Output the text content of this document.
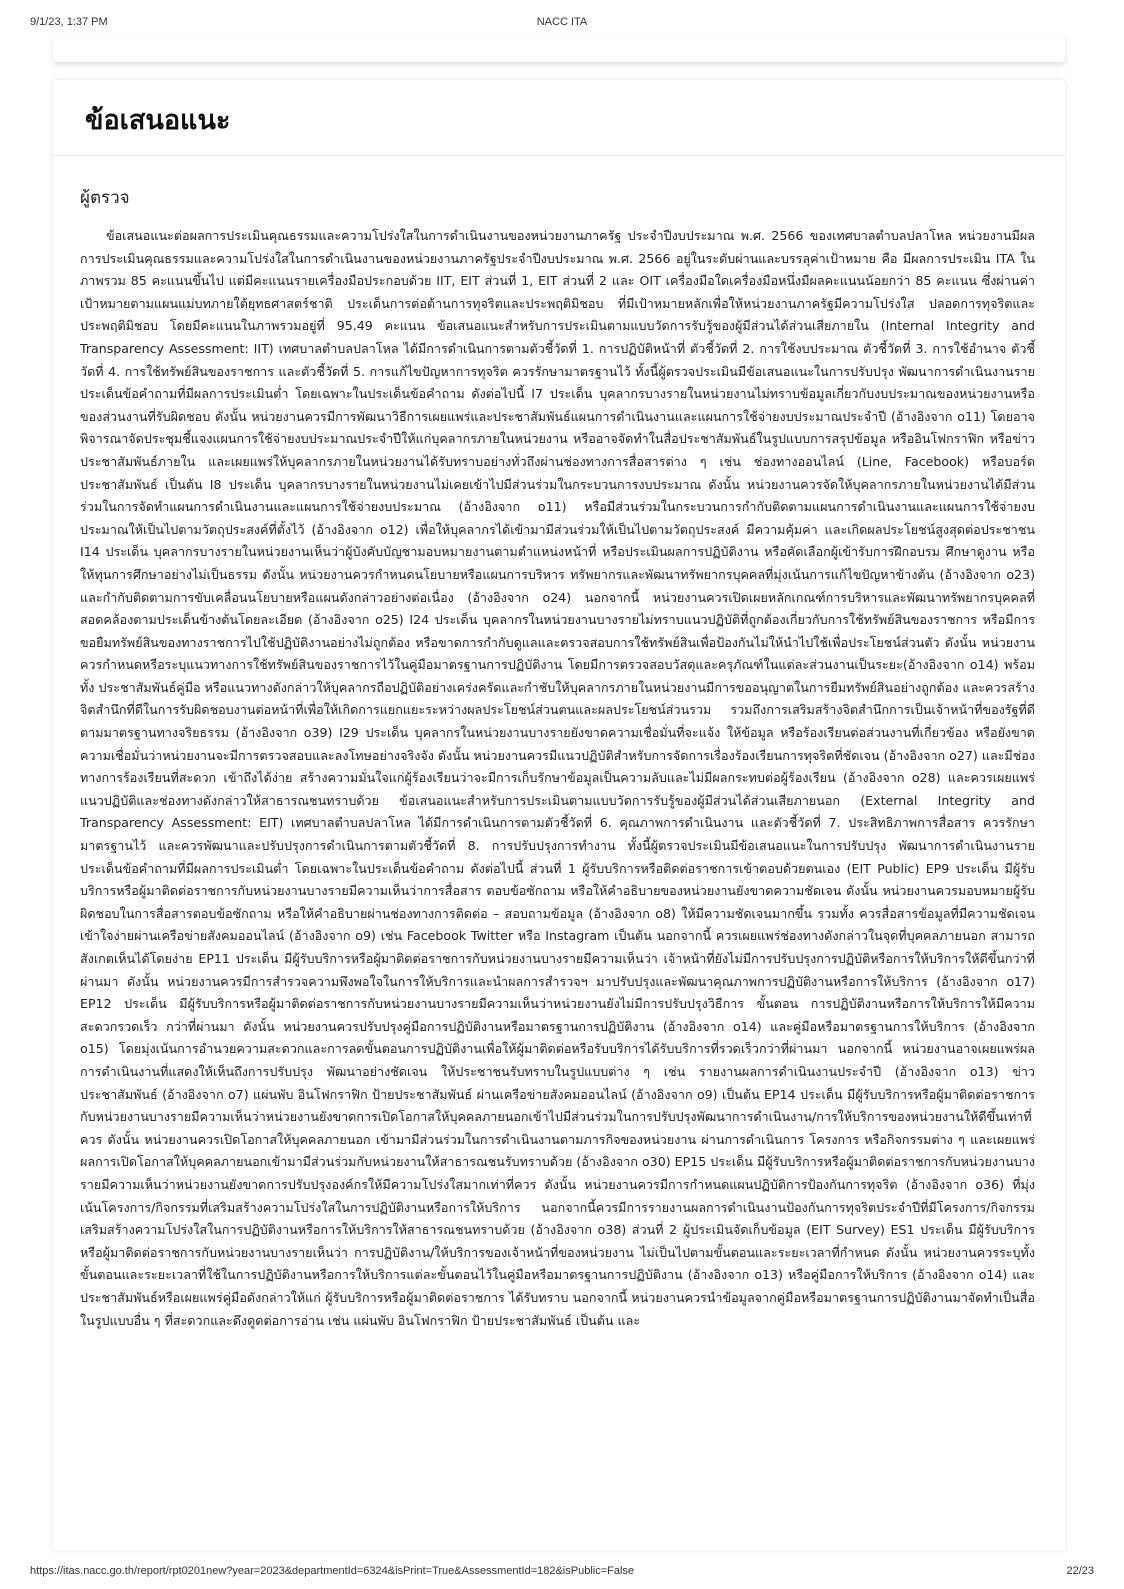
9/1/23, 1:37 PM	NACC ITA
ข้อเสนอแนะ
ผู้ตรวจ

ข้อเสนอแนะต่อผลการประเมินคุณธรรมและความโปร่งใสในการดำเนินงานของหน่วยงานภาครัฐ ประจำปีงบประมาณ พ.ศ. 2566 ของเทศบาลตำบลปลาโหล หน่วยงานมีผลการประเมินคุณธรรมและความโปร่งใสในการดำเนินงานของหน่วยงานภาครัฐประจำปีงบประมาณ พ.ศ. 2566 อยู่ในระดับผ่านและบรรลุค่าเป้าหมาย คือ มีผลการประเมิน ITA ในภาพรวม 85 คะแนนขึ้นไป แต่มีคะแนนรายเครื่องมือประกอบด้วย IIT, EIT ส่วนที่ 1, EIT ส่วนที่ 2 และ OIT เครื่องมือใดเครื่องมือหนึ่งมีผลคะแนนน้อยกว่า 85 คะแนน ซึ่งผ่านค่าเป้าหมายตามแผนแม่บทภายใต้ยุทธศาสตร์ชาติ ประเด็นการต่อต้านการทุจริตและประพฤติมิชอบ ที่มีเป้าหมายหลักเพื่อให้หน่วยงานภาครัฐมีความโปร่งใส ปลอดการทุจริตและประพฤติมิชอบ โดยมีคะแนนในภาพรวมอยู่ที่ 95.49 คะแนน ข้อเสนอแนะสำหรับการประเมินตามแบบวัดการรับรู้ของผู้มีส่วนได้ส่วนเสียภายใน (Internal Integrity and Transparency Assessment: IIT) เทศบาลตำบลปลาโหล ได้มีการดำเนินการตามตัวชี้วัดที่ 1. การปฏิบัติหน้าที่ ตัวชี้วัดที่ 2. การใช้งบประมาณ ตัวชี้วัดที่ 3. การใช้อำนาจ ตัวชี้วัดที่ 4. การใช้ทรัพย์สินของราชการ และตัวชี้วัดที่ 5. การแก้ไขปัญหาการทุจริต ควรรักษามาตรฐานไว้ ทั้งนี้ผู้ตรวจประเมินมีข้อเสนอแนะในการปรับปรุง พัฒนาการดำเนินงานรายประเด็นข้อคำถามที่มีผลการประเมินต่ำ โดยเฉพาะในประเด็นข้อคำถาม ดังต่อไปนี้ I7 ประเด็น บุคลากรบางรายในหน่วยงานไม่ทราบข้อมูลเกี่ยวกับงบประมาณของหน่วยงานหรือของส่วนงานที่รับผิดชอบ ดังนั้น หน่วยงานควรมีการพัฒนาวิธีการเผยแพร่และประชาสัมพันธ์แผนการดำเนินงานและแผนการใช้จ่ายงบประมาณประจำปี (อ้างอิงจาก o11) โดยอาจพิจารณาจัดประชุมชี้แจงแผนการใช้จ่ายงบประมาณประจำปีให้แก่บุคลากรภายในหน่วยงาน หรืออาจจัดทำในสื่อประชาสัมพันธ์ในรูปแบบการสรุปข้อมูล หรืออินโฟกราฟิก หรือข่าวประชาสัมพันธ์ภายใน และเผยแพร่ให้บุคลากรภายในหน่วยงานได้รับทราบอย่างทั่วถึงผ่านช่องทางการสื่อสารต่าง ๆ เช่น ช่องทางออนไลน์ (Line, Facebook) หรือบอร์ดประชาสัมพันธ์ เป็นต้น I8 ประเด็น บุคลากรบางรายในหน่วยงานไม่เคยเข้าไปมีส่วนร่วมในกระบวนการงบประมาณ ดังนั้น หน่วยงานควรจัดให้บุคลากรภายในหน่วยงานได้มีส่วนร่วมในการจัดทำแผนการดำเนินงานและแผนการใช้จ่ายงบประมาณ (อ้างอิงจาก o11) หรือมีส่วนร่วมในกระบวนการกำกับติดตามแผนการดำเนินงานและแผนการใช้จ่ายงบประมาณให้เป็นไปตามวัตถุประสงค์ที่ตั้งไว้ (อ้างอิงจาก o12) เพื่อให้บุคลากรได้เข้ามามีส่วนร่วมให้เป็นไปตามวัตถุประสงค์ มีความคุ้มค่า และเกิดผลประโยชน์สูงสุดต่อประชาชน I14 ประเด็น บุคลากรบางรายในหน่วยงานเห็นว่าผู้บังคับบัญชามอบหมายงานตามตำแหน่งหน้าที่ หรือประเมินผลการปฏิบัติงาน หรือคัดเลือกผู้เข้ารับการฝึกอบรม ศึกษาดูงาน หรือให้ทุนการศึกษาอย่างไม่เป็นธรรม ดังนั้น หน่วยงานควรกำหนดนโยบายหรือแผนการบริหาร ทรัพยากรและพัฒนาทรัพยากรบุคคลที่มุ่งเน้นการแก้ไขปัญหาข้างต้น (อ้างอิงจาก o23) และกำกับติดตามการขับเคลื่อนนโยบายหรือแผนดังกล่าวอย่างต่อเนื่อง (อ้างอิงจาก o24) นอกจากนี้ หน่วยงานควรเปิดเผยหลักเกณฑ์การบริหารและพัฒนาทรัพยากรบุคคลที่สอดคล้องตามประเด็นข้างต้นโดยละเอียด (อ้างอิงจาก o25) I24 ประเด็น บุคลากรในหน่วยงานบางรายไม่ทราบแนวปฏิบัติที่ถูกต้องเกี่ยวกับการใช้ทรัพย์สินของราชการ หรือมีการขอยืมทรัพย์สินของทางราชการไปใช้ปฏิบัติงานอย่างไม่ถูกต้อง หรือขาดการกำกับดูแลและตรวจสอบการใช้ทรัพย์สินเพื่อป้องกันไม่ให้นำไปใช้เพื่อประโยชน์ส่วนตัว ดังนั้น หน่วยงานควรกำหนดหรือระบุแนวทางการใช้ทรัพย์สินของราชการไว้ในคู่มือมาตรฐานการปฏิบัติงาน โดยมีการตรวจสอบวัสดุและครุภัณฑ์ในแต่ละส่วนงานเป็นระยะ(อ้างอิงจาก o14) พร้อมทั้ง ประชาสัมพันธ์คู่มือ หรือแนวทางดังกล่าวให้บุคลากรถือปฏิบัติอย่างเคร่งครัดและกำชับให้บุคลากรภายในหน่วยงานมีการขออนุญาตในการยืมทรัพย์สินอย่างถูกต้อง และควรสร้างจิตสำนึกที่ดีในการรับผิดชอบงานต่อหน้าที่เพื่อให้เกิดการแยกแยะระหว่างผลประโยชน์ส่วนตนและผลประโยชน์ส่วนรวม รวมถึงการเสริมสร้างจิตสำนึกการเป็นเจ้าหน้าที่ของรัฐที่ดีตามมาตรฐานทางจริยธรรม (อ้างอิงจาก o39) I29 ประเด็น บุคลากรในหน่วยงานบางรายยังขาดความเชื่อมั่นที่จะแจ้ง ให้ข้อมูล หรือร้องเรียนต่อส่วนงานที่เกี่ยวข้อง หรือยังขาดความเชื่อมั่นว่าหน่วยงานจะมีการตรวจสอบและลงโทษอย่างจริงจัง ดังนั้น หน่วยงานควรมีแนวปฏิบัติสำหรับการจัดการเรื่องร้องเรียนการทุจริตที่ชัดเจน (อ้างอิงจาก o27) และมีช่องทางการร้องเรียนที่สะดวก เข้าถึงได้ง่าย สร้างความมั่นใจแก่ผู้ร้องเรียนว่าจะมีการเก็บรักษาข้อมูลเป็นความลับและไม่มีผลกระทบต่อผู้ร้องเรียน (อ้างอิงจาก o28) และควรเผยแพร่แนวปฏิบัติและช่องทางดังกล่าวให้สาธารณชนทราบด้วย ข้อเสนอแนะสำหรับการประเมินตามแบบวัดการรับรู้ของผู้มีส่วนได้ส่วนเสียภายนอก (External Integrity and Transparency Assessment: EIT) เทศบาลตำบลปลาโหล ได้มีการดำเนินการตามตัวชี้วัดที่ 6. คุณภาพการดำเนินงาน และตัวชี้วัดที่ 7. ประสิทธิภาพการสื่อสาร ควรรักษามาตรฐานไว้ และควรพัฒนาและปรับปรุงการดำเนินการตามตัวชี้วัดที่ 8. การปรับปรุงการทำงาน ทั้งนี้ผู้ตรวจประเมินมีข้อเสนอแนะในการปรับปรุง พัฒนาการดำเนินงานรายประเด็นข้อคำถามที่มีผลการประเมินต่ำ โดยเฉพาะในประเด็นข้อคำถาม ดังต่อไปนี้ ส่วนที่ 1 ผู้รับบริการหรือติดต่อราชการเข้าตอบด้วยตนเอง (EIT Public) EP9 ประเด็น มีผู้รับบริการหรือผู้มาติดต่อราชการกับหน่วยงานบางรายมีความเห็นว่าการสื่อสาร ตอบข้อซักถาม หรือให้คำอธิบายของหน่วยงานยังขาดความชัดเจน ดังนั้น หน่วยงานควรมอบหมายผู้รับผิดชอบในการสื่อสารตอบข้อซักถาม หรือให้คำอธิบายผ่านช่องทางการติดต่อ – สอบถามข้อมูล (อ้างอิงจาก o8) ให้มีความชัดเจนมากขึ้น รวมทั้ง ควรสื่อสารข้อมูลที่มีความชัดเจน เข้าใจง่ายผ่านเครือข่ายสังคมออนไลน์ (อ้างอิงจาก o9) เช่น Facebook Twitter หรือ Instagram เป็นต้น นอกจากนี้ ควรเผยแพร่ช่องทางดังกล่าวในจุดที่บุคคลภายนอก สามารถสังเกตเห็นได้โดยง่าย EP11 ประเด็น มีผู้รับบริการหรือผู้มาติดต่อราชการกับหน่วยงานบางรายมีความเห็นว่า เจ้าหน้าที่ยังไม่มีการปรับปรุงการปฏิบัติหรือการให้บริการให้ดีขึ้นกว่าที่ผ่านมา ดังนั้น หน่วยงานควรมีการสำรวจความพึงพอใจในการให้บริการและนำผลการสำรวจฯ มาปรับปรุงและพัฒนาคุณภาพการปฏิบัติงานหรือการให้บริการ (อ้างอิงจาก o17) EP12 ประเด็น มีผู้รับบริการหรือผู้มาติดต่อราชการกับหน่วยงานบางรายมีความเห็นว่าหน่วยงานยังไม่มีการปรับปรุงวิธีการ ขั้นตอน การปฏิบัติงานหรือการให้บริการให้มีความสะดวกรวดเร็ว กว่าที่ผ่านมา ดังนั้น หน่วยงานควรปรับปรุงคู่มือการปฏิบัติงานหรือมาตรฐานการปฏิบัติงาน (อ้างอิงจาก o14) และคู่มือหรือมาตรฐานการให้บริการ (อ้างอิงจาก o15) โดยมุ่งเน้นการอำนวยความสะดวกและการลดขั้นตอนการปฏิบัติงานเพื่อให้ผู้มาติดต่อหรือรับบริการได้รับบริการที่รวดเร็วกว่าที่ผ่านมา นอกจากนี้ หน่วยงานอาจเผยแพร่ผลการดำเนินงานที่แสดงให้เห็นถึงการปรับปรุง พัฒนาอย่างชัดเจน ให้ประชาชนรับทราบในรูปแบบต่าง ๆ เช่น รายงานผลการดำเนินงานประจำปี (อ้างอิงจาก o13) ข่าวประชาสัมพันธ์ (อ้างอิงจาก o7) แผ่นพับ อินโฟกราฟิก ป้ายประชาสัมพันธ์ ผ่านเครือข่ายสังคมออนไลน์ (อ้างอิงจาก o9) เป็นต้น EP14 ประเด็น มีผู้รับบริการหรือผู้มาติดต่อราชการกับหน่วยงานบางรายมีความเห็นว่าหน่วยงานยังขาดการเปิดโอกาสให้บุคคลภายนอกเข้าไปมีส่วนร่วมในการปรับปรุงพัฒนาการดำเนินงาน/การให้บริการของหน่วยงานให้ดีขึ้นเท่าที่ควร ดังนั้น หน่วยงานควรเปิดโอกาสให้บุคคลภายนอก เข้ามามีส่วนร่วมในการดำเนินงานตามภารกิจของหน่วยงาน ผ่านการดำเนินการ โครงการ หรือกิจกรรมต่าง ๆ และเผยแพร่ผลการเปิดโอกาสให้บุคคลภายนอกเข้ามามีส่วนร่วมกับหน่วยงานให้สาธารณชนรับทราบด้วย (อ้างอิงจาก o30) EP15 ประเด็น มีผู้รับบริการหรือผู้มาติดต่อราชการกับหน่วยงานบางรายมีความเห็นว่าหน่วยงานยังขาดการปรับปรุงองค์กรให้มีความโปร่งใสมากเท่าที่ควร ดังนั้น หน่วยงานควรมีการกำหนดแผนปฏิบัติการป้องกันการทุจริต (อ้างอิงจาก o36) ที่มุ่งเน้นโครงการ/กิจกรรมที่เสริมสร้างความโปร่งใสในการปฏิบัติงานหรือการให้บริการ นอกจากนี้ควรมีการรายงานผลการดำเนินงานป้องกันการทุจริตประจำปีที่มีโครงการ/กิจกรรมเสริมสร้างความโปร่งใสในการปฏิบัติงานหรือการให้บริการให้สาธารณชนทราบด้วย (อ้างอิงจาก o38) ส่วนที่ 2 ผู้ประเมินจัดเก็บข้อมูล (EIT Survey) ES1 ประเด็น มีผู้รับบริการหรือผู้มาติดต่อราชการกับหน่วยงานบางรายเห็นว่า การปฏิบัติงาน/ให้บริการของเจ้าหน้าที่ของหน่วยงาน ไม่เป็นไปตามขั้นตอนและระยะเวลาที่กำหนด ดังนั้น หน่วยงานควรระบุทั้งขั้นตอนและระยะเวลาที่ใช้ในการปฏิบัติงานหรือการให้บริการแต่ละขั้นตอนไว้ในคู่มือหรือมาตรฐานการปฏิบัติงาน (อ้างอิงจาก o13) หรือคู่มือการให้บริการ (อ้างอิงจาก o14) และประชาสัมพันธ์หรือเผยแพร่คู่มือดังกล่าวให้แก่ ผู้รับบริการหรือผู้มาติดต่อราชการ ได้รับทราบ นอกจากนี้ หน่วยงานควรนำข้อมูลจากคู่มือหรือมาตรฐานการปฏิบัติงานมาจัดทำเป็นสื่อในรูปแบบอื่น ๆ ที่สะดวกและดึงดูดต่อการอ่าน เช่น แผ่นพับ อินโฟกราฟิก ป้ายประชาสัมพันธ์ เป็นต้น และ

https://itas.nacc.go.th/report/rpt0201new?year=2023&departmentId=6324&isPrint=True&AssessmentId=182&isPublic=False	22/23
